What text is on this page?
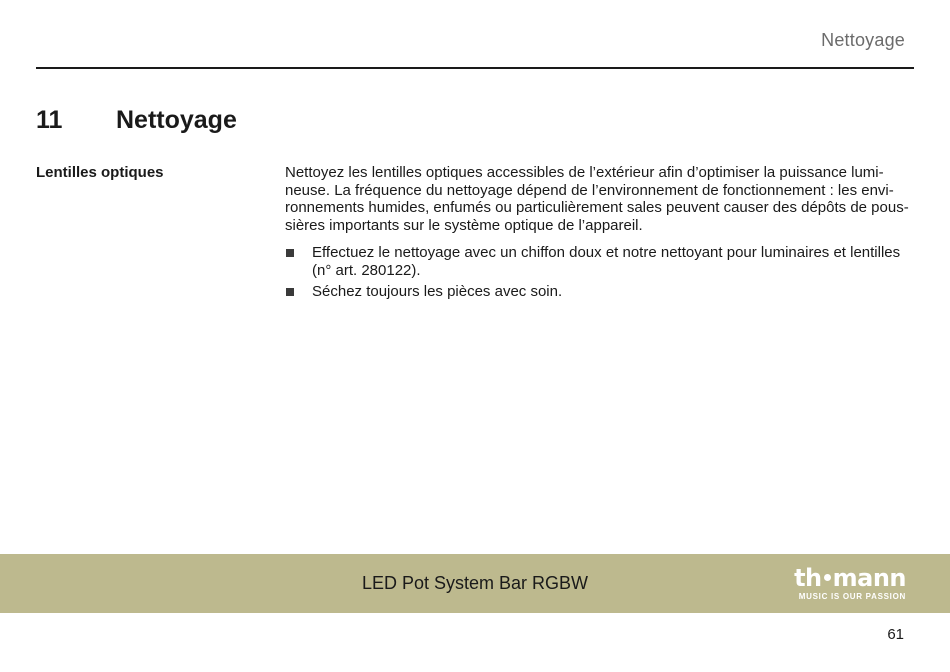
Nettoyage
11	Nettoyage
Lentilles optiques	Nettoyez les lentilles optiques accessibles de l’extérieur afin d’optimiser la puissance lumi-neuse. La fréquence du nettoyage dépend de l’environnement de fonctionnement : les envi-ronnements humides, enfumés ou particulièrement sales peuvent causer des dépôts de pous-sières importants sur le système optique de l’appareil.

Effectuez le nettoyage avec un chiffon doux et notre nettoyant pour luminaires et lentilles (n° art. 280122).
Séchez toujours les pièces avec soin.
LED Pot System Bar RGBW	th mann
MUSIC IS OUR PASSION
61
